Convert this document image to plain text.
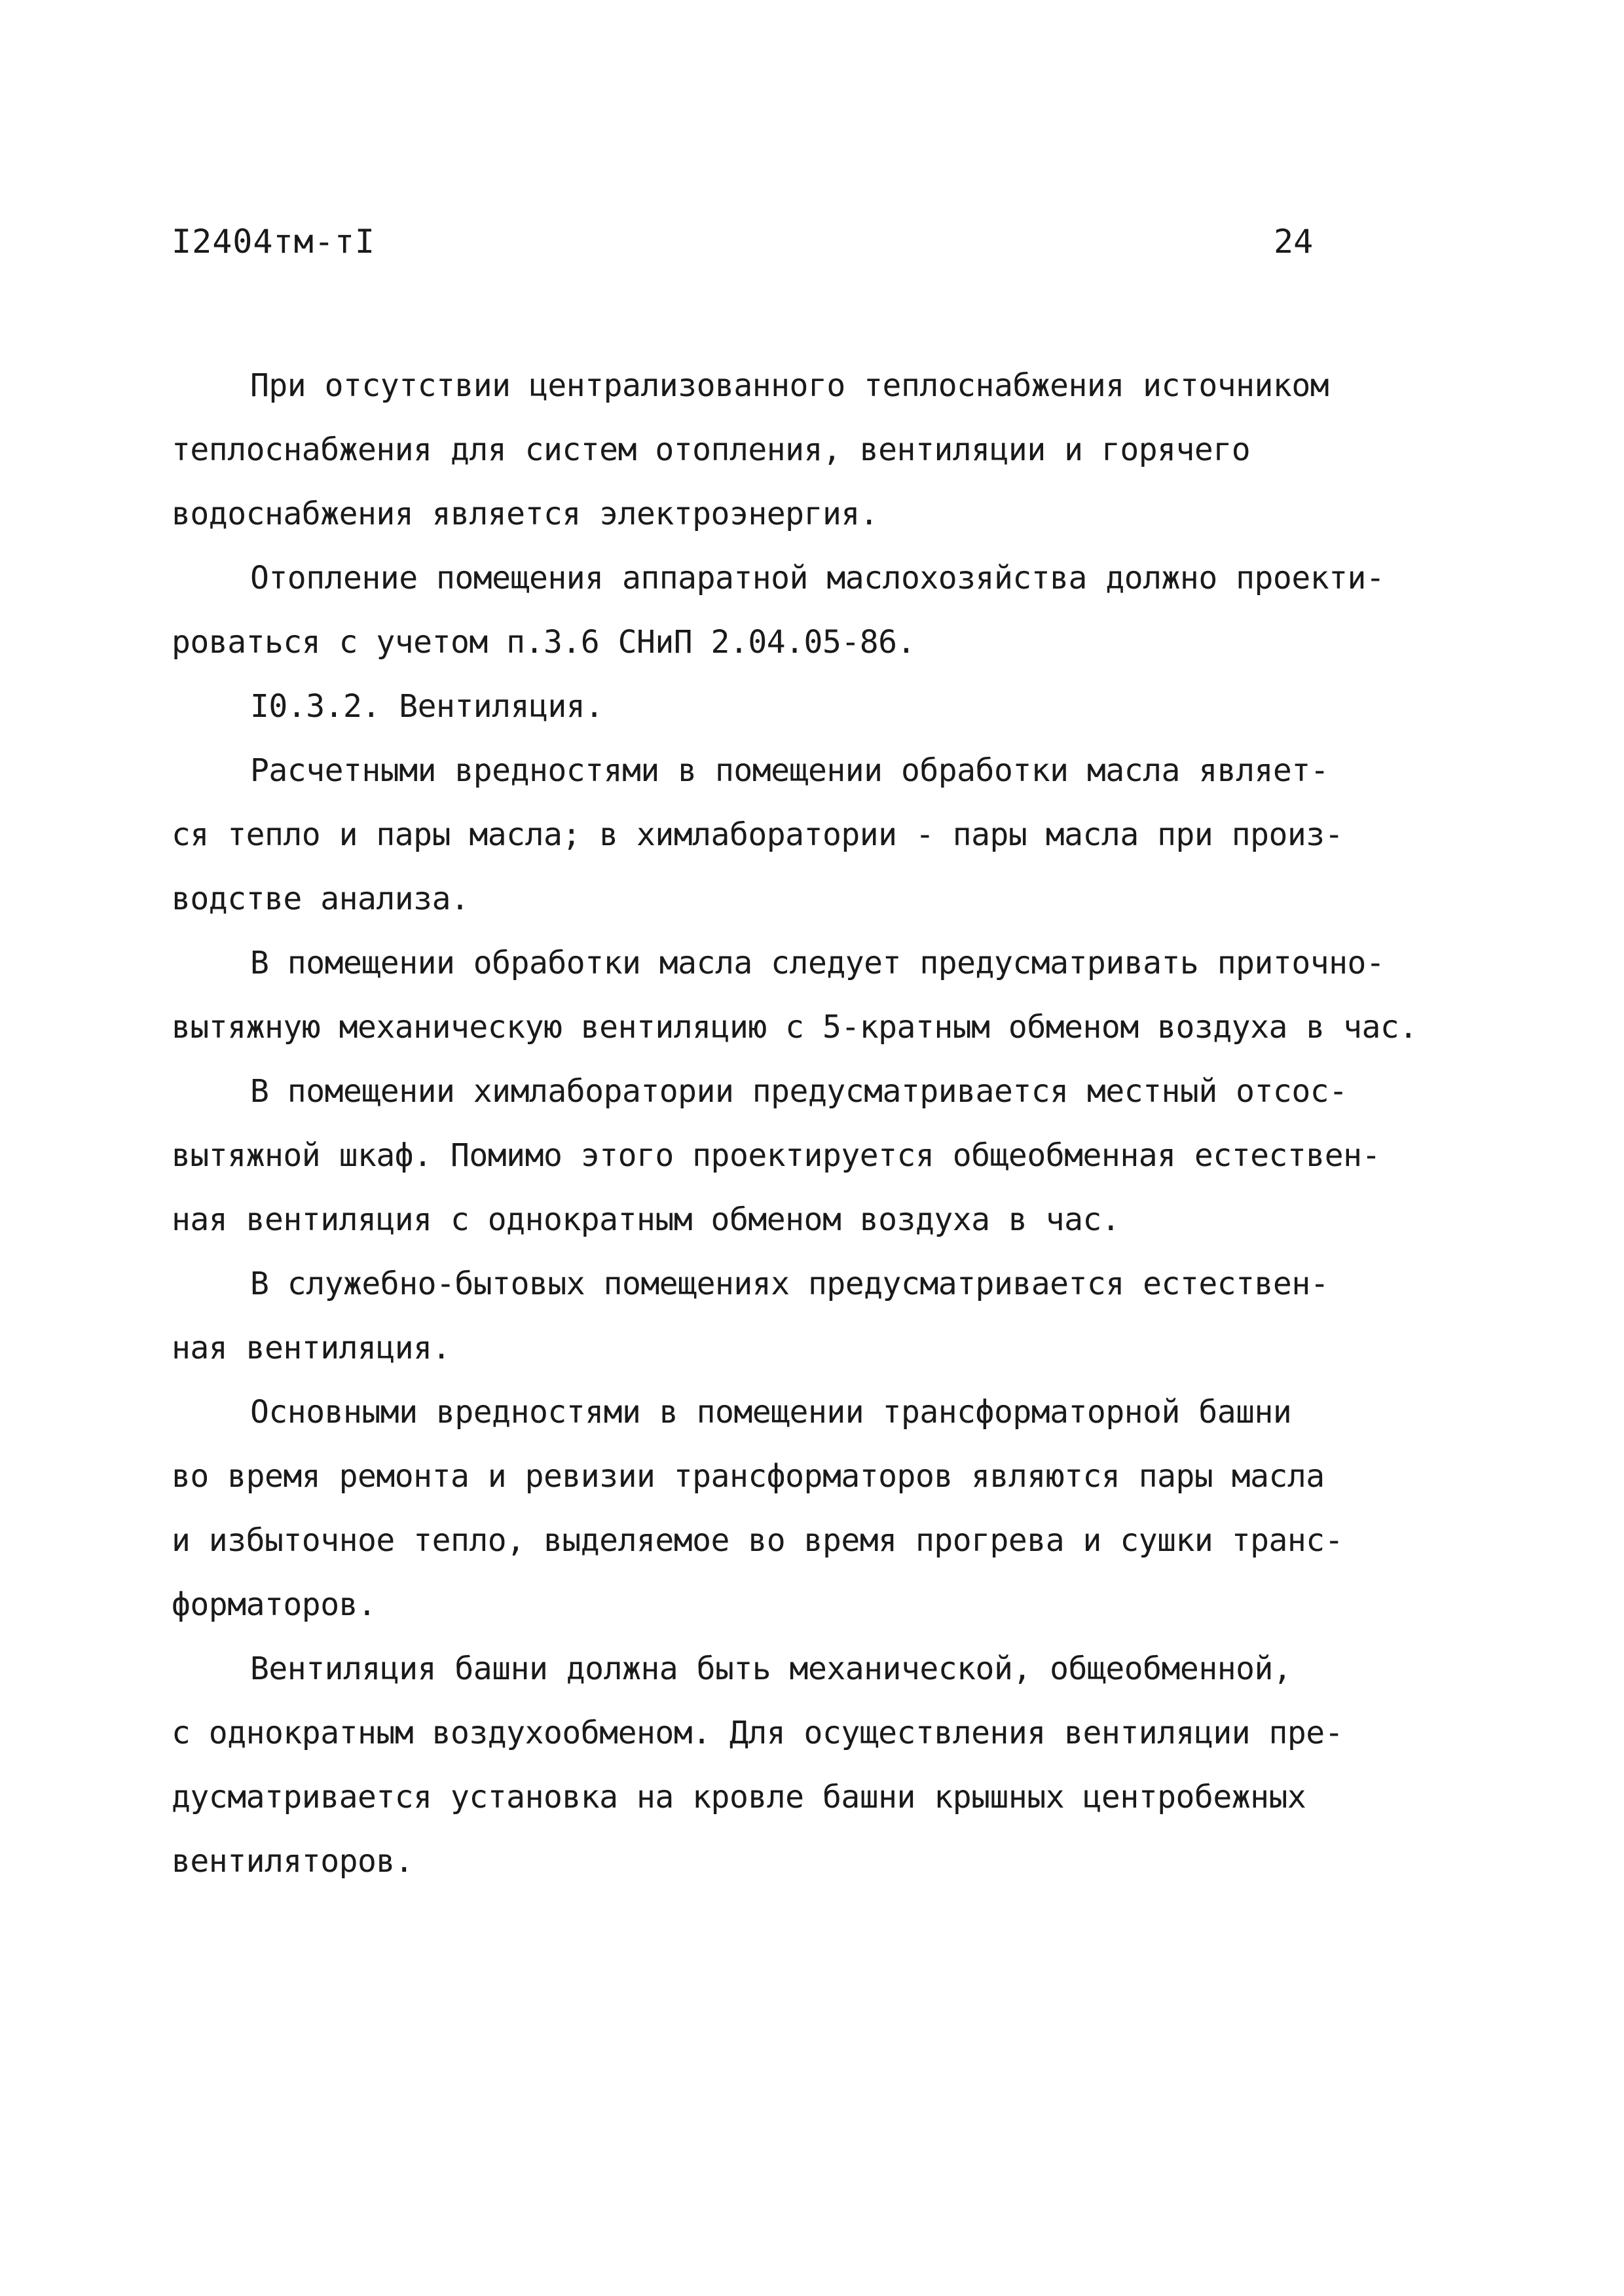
I2404тм-тI	24
При отсутствии централизованного теплоснабжения источником
теплоснабжения для систем отопления, вентиляции и горячего
водоснабжения является электроэнергия.
Отопление помещения аппаратной маслохозяйства должно проекти-
роваться с учетом п.3.6 СНиП 2.04.05-86.
I0.3.2. Вентиляция.
Расчетными вредностями в помещении обработки масла являет-
ся тепло и пары масла; в химлаборатории - пары масла при произ-
водстве анализа.
В помещении обработки масла следует предусматривать приточно-
вытяжную механическую вентиляцию с 5-кратным обменом воздуха в час.
В помещении химлаборатории предусматривается местный отсос-
вытяжной шкаф. Помимо этого проектируется общеобменная естествен-
ная вентиляция с однократным обменом воздуха в час.
В служебно-бытовых помещениях предусматривается естествен-
ная вентиляция.
Основными вредностями в помещении трансформаторной башни
во время ремонта и ревизии трансформаторов являются пары масла
и избыточное тепло, выделяемое во время прогрева и сушки транс-
форматоров.
Вентиляция башни должна быть механической, общеобменной,
с однократным воздухообменом. Для осуществления вентиляции пре-
дусматривается установка на кровле башни крышных центробежных
вентиляторов.
